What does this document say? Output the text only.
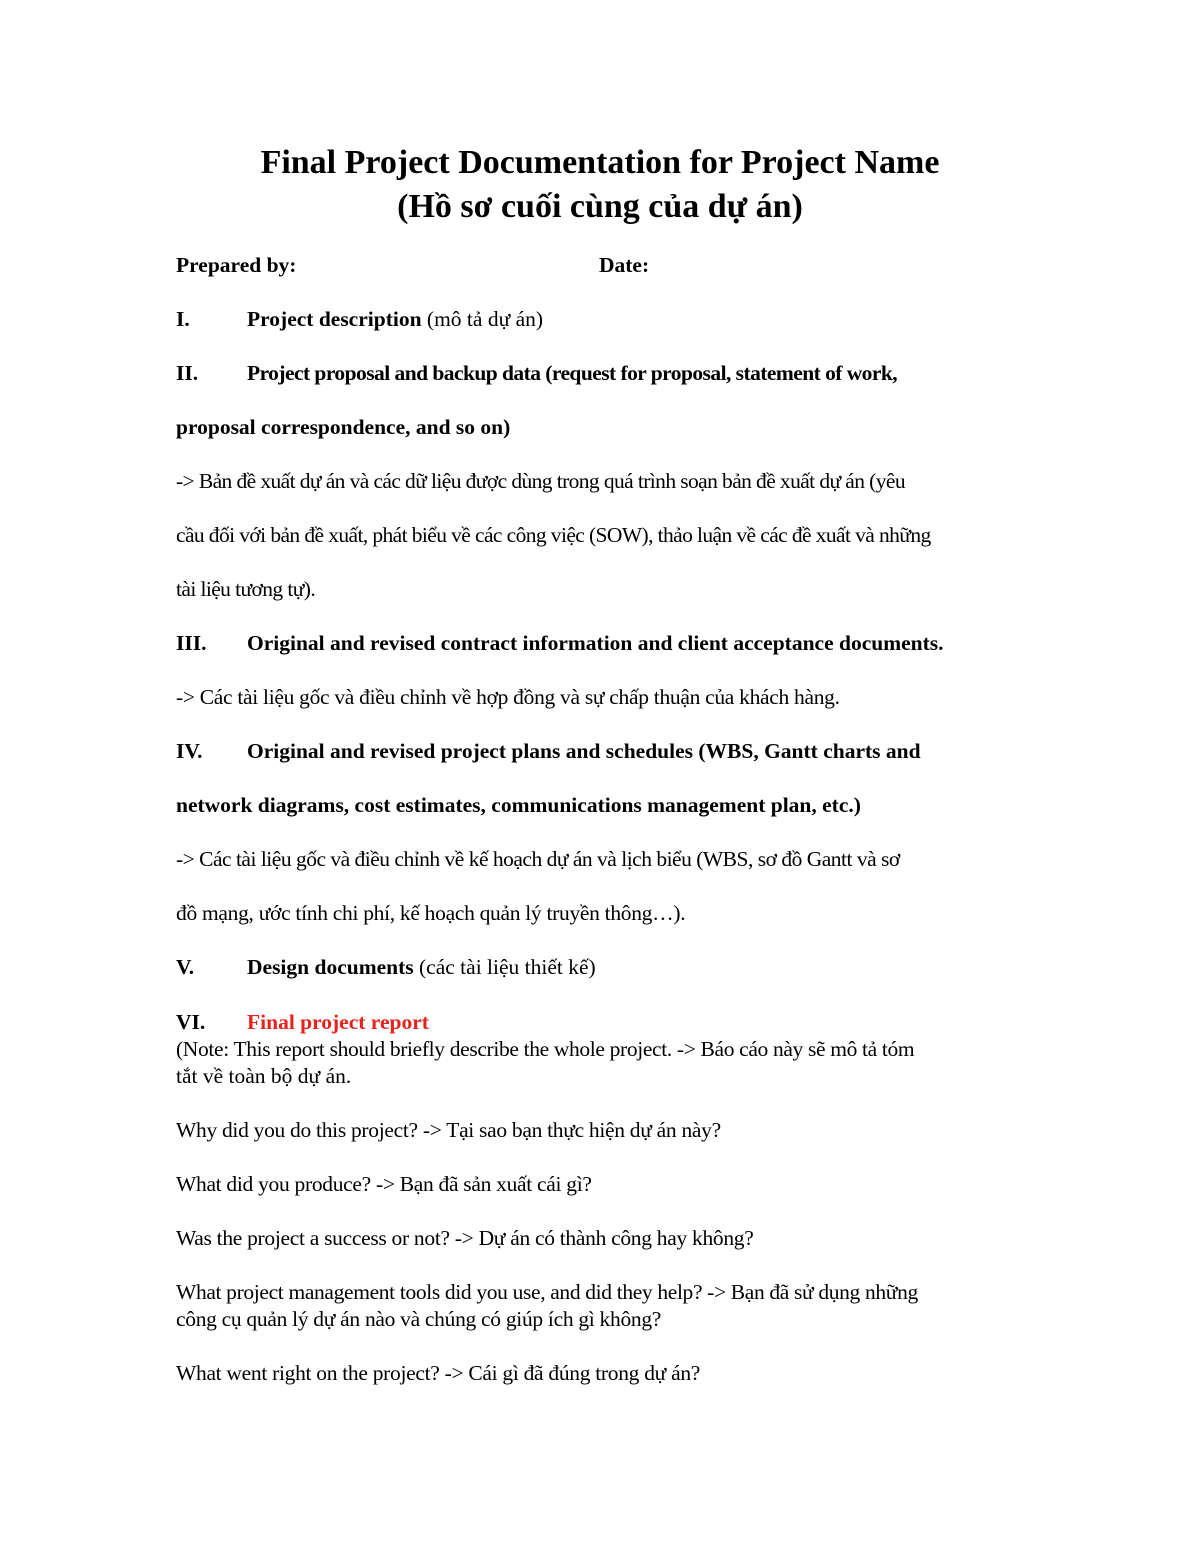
Final Project Documentation for Project Name
(Hồ sơ cuối cùng của dự án)
Prepared by:	Date:
I.	Project description (mô tả dự án)
II. Project proposal and backup data (request for proposal, statement of work,
proposal correspondence, and so on)
-> Bản đề xuất dự án và các dữ liệu được dùng trong quá trình soạn bản đề xuất dự án (yêu
cầu đối với bản đề xuất, phát biểu về các công việc (SOW), thảo luận về các đề xuất và những
tài liệu tương tự).
III. Original and revised contract information and client acceptance documents.
-> Các tài liệu gốc và điều chỉnh về hợp đồng và sự chấp thuận của khách hàng.
IV. Original and revised project plans and schedules (WBS, Gantt charts and
network diagrams, cost estimates, communications management plan, etc.)
-> Các tài liệu gốc và điều chỉnh về kế hoạch dự án và lịch biểu (WBS, sơ đồ Gantt và sơ
đồ mạng, ước tính chi phí, kế hoạch quản lý truyền thông…).
V. Design documents (các tài liệu thiết kế)
VI. Final project report
(Note: This report should briefly describe the whole project. -> Báo cáo này sẽ mô tả tóm
tắt về toàn bộ dự án.
Why did you do this project? -> Tại sao bạn thực hiện dự án này?
What did you produce? -> Bạn đã sản xuất cái gì?
Was the project a success or not? -> Dự án có thành công hay không?
What project management tools did you use, and did they help? -> Bạn đã sử dụng những
công cụ quản lý dự án nào và chúng có giúp ích gì không?
What went right on the project? -> Cái gì đã đúng trong dự án?
